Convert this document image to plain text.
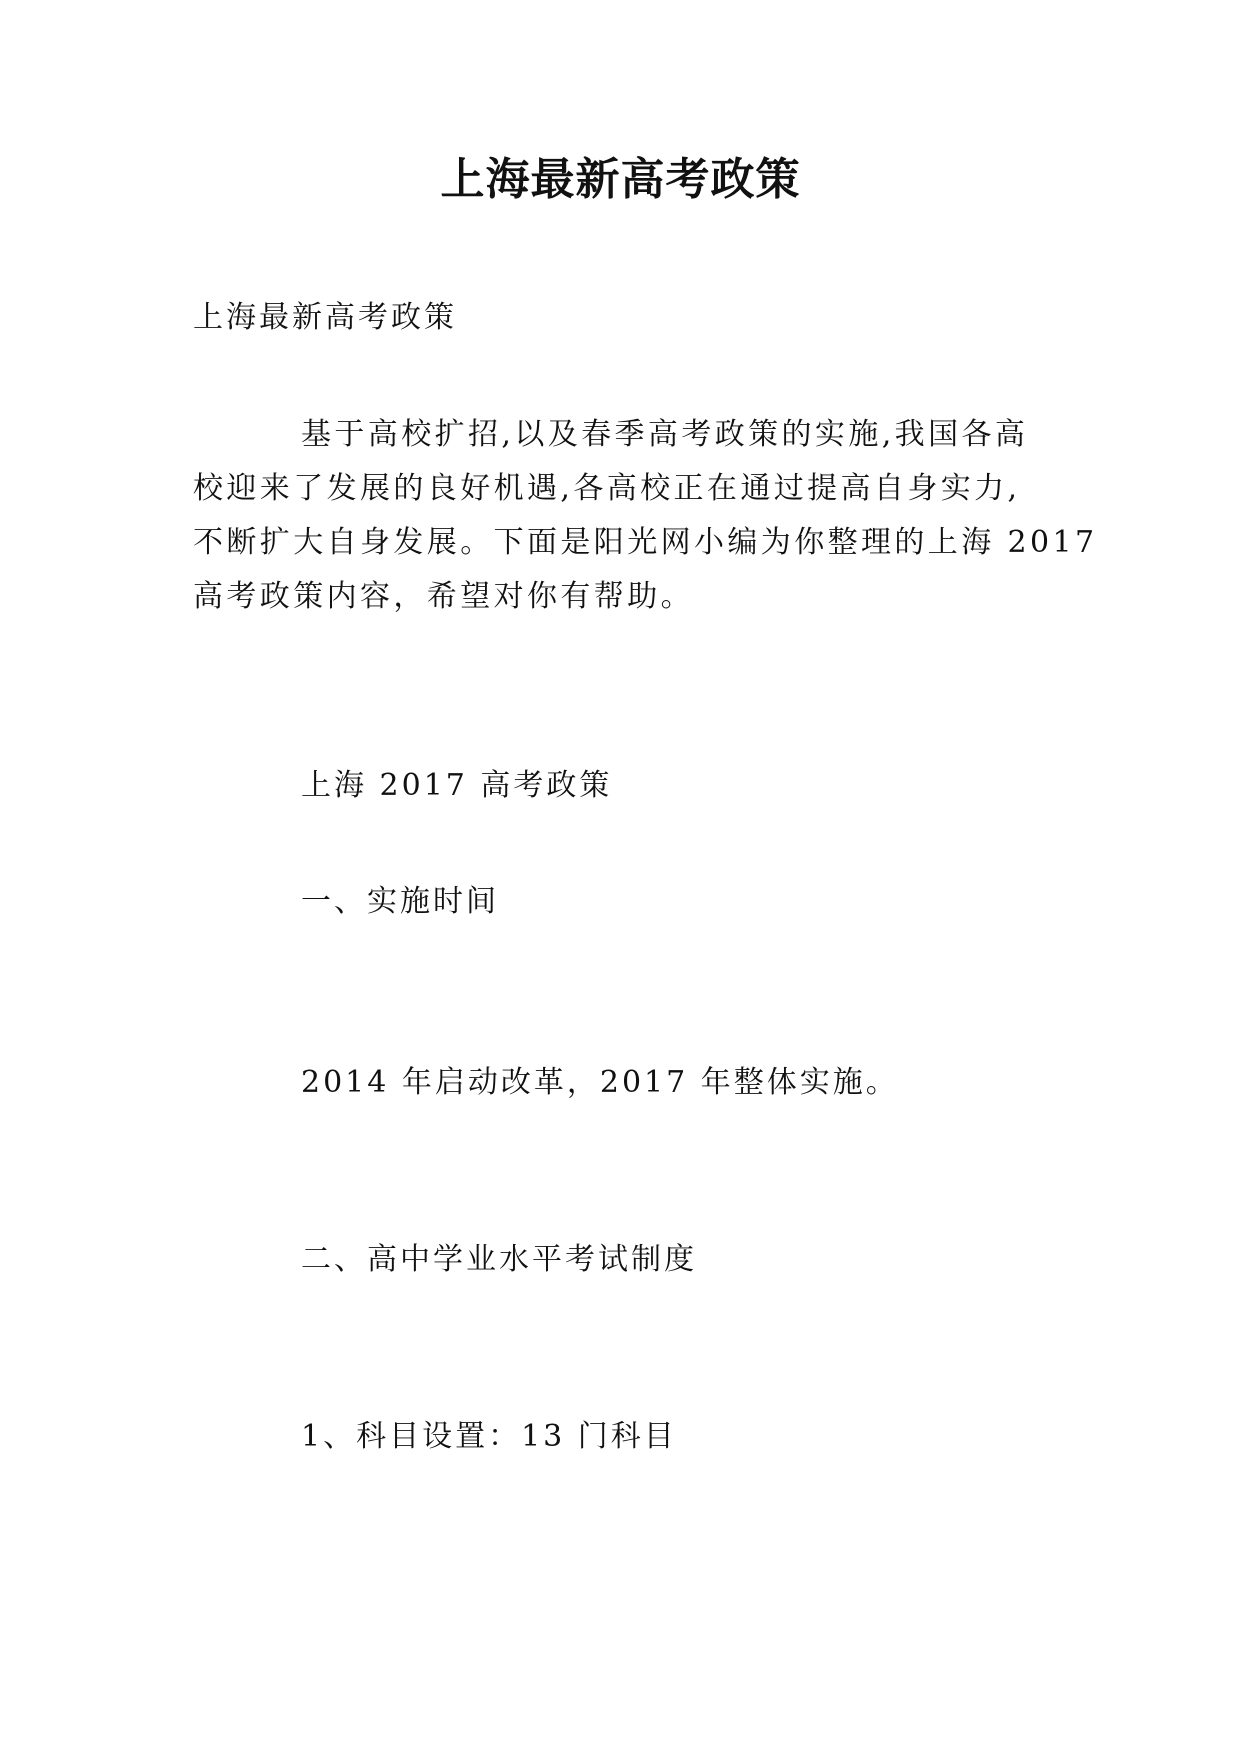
上海最新高考政策
上海最新高考政策
基于高校扩招,以及春季高考政策的实施,我国各高
校迎来了发展的良好机遇,各高校正在通过提高自身实力,
不断扩大自身发展。下面是阳光网小编为你整理的上海 2017
高考政策内容，希望对你有帮助。
上海 2017 高考政策
一、实施时间
2014 年启动改革，2017 年整体实施。
二、高中学业水平考试制度
1、科目设置：13 门科目
